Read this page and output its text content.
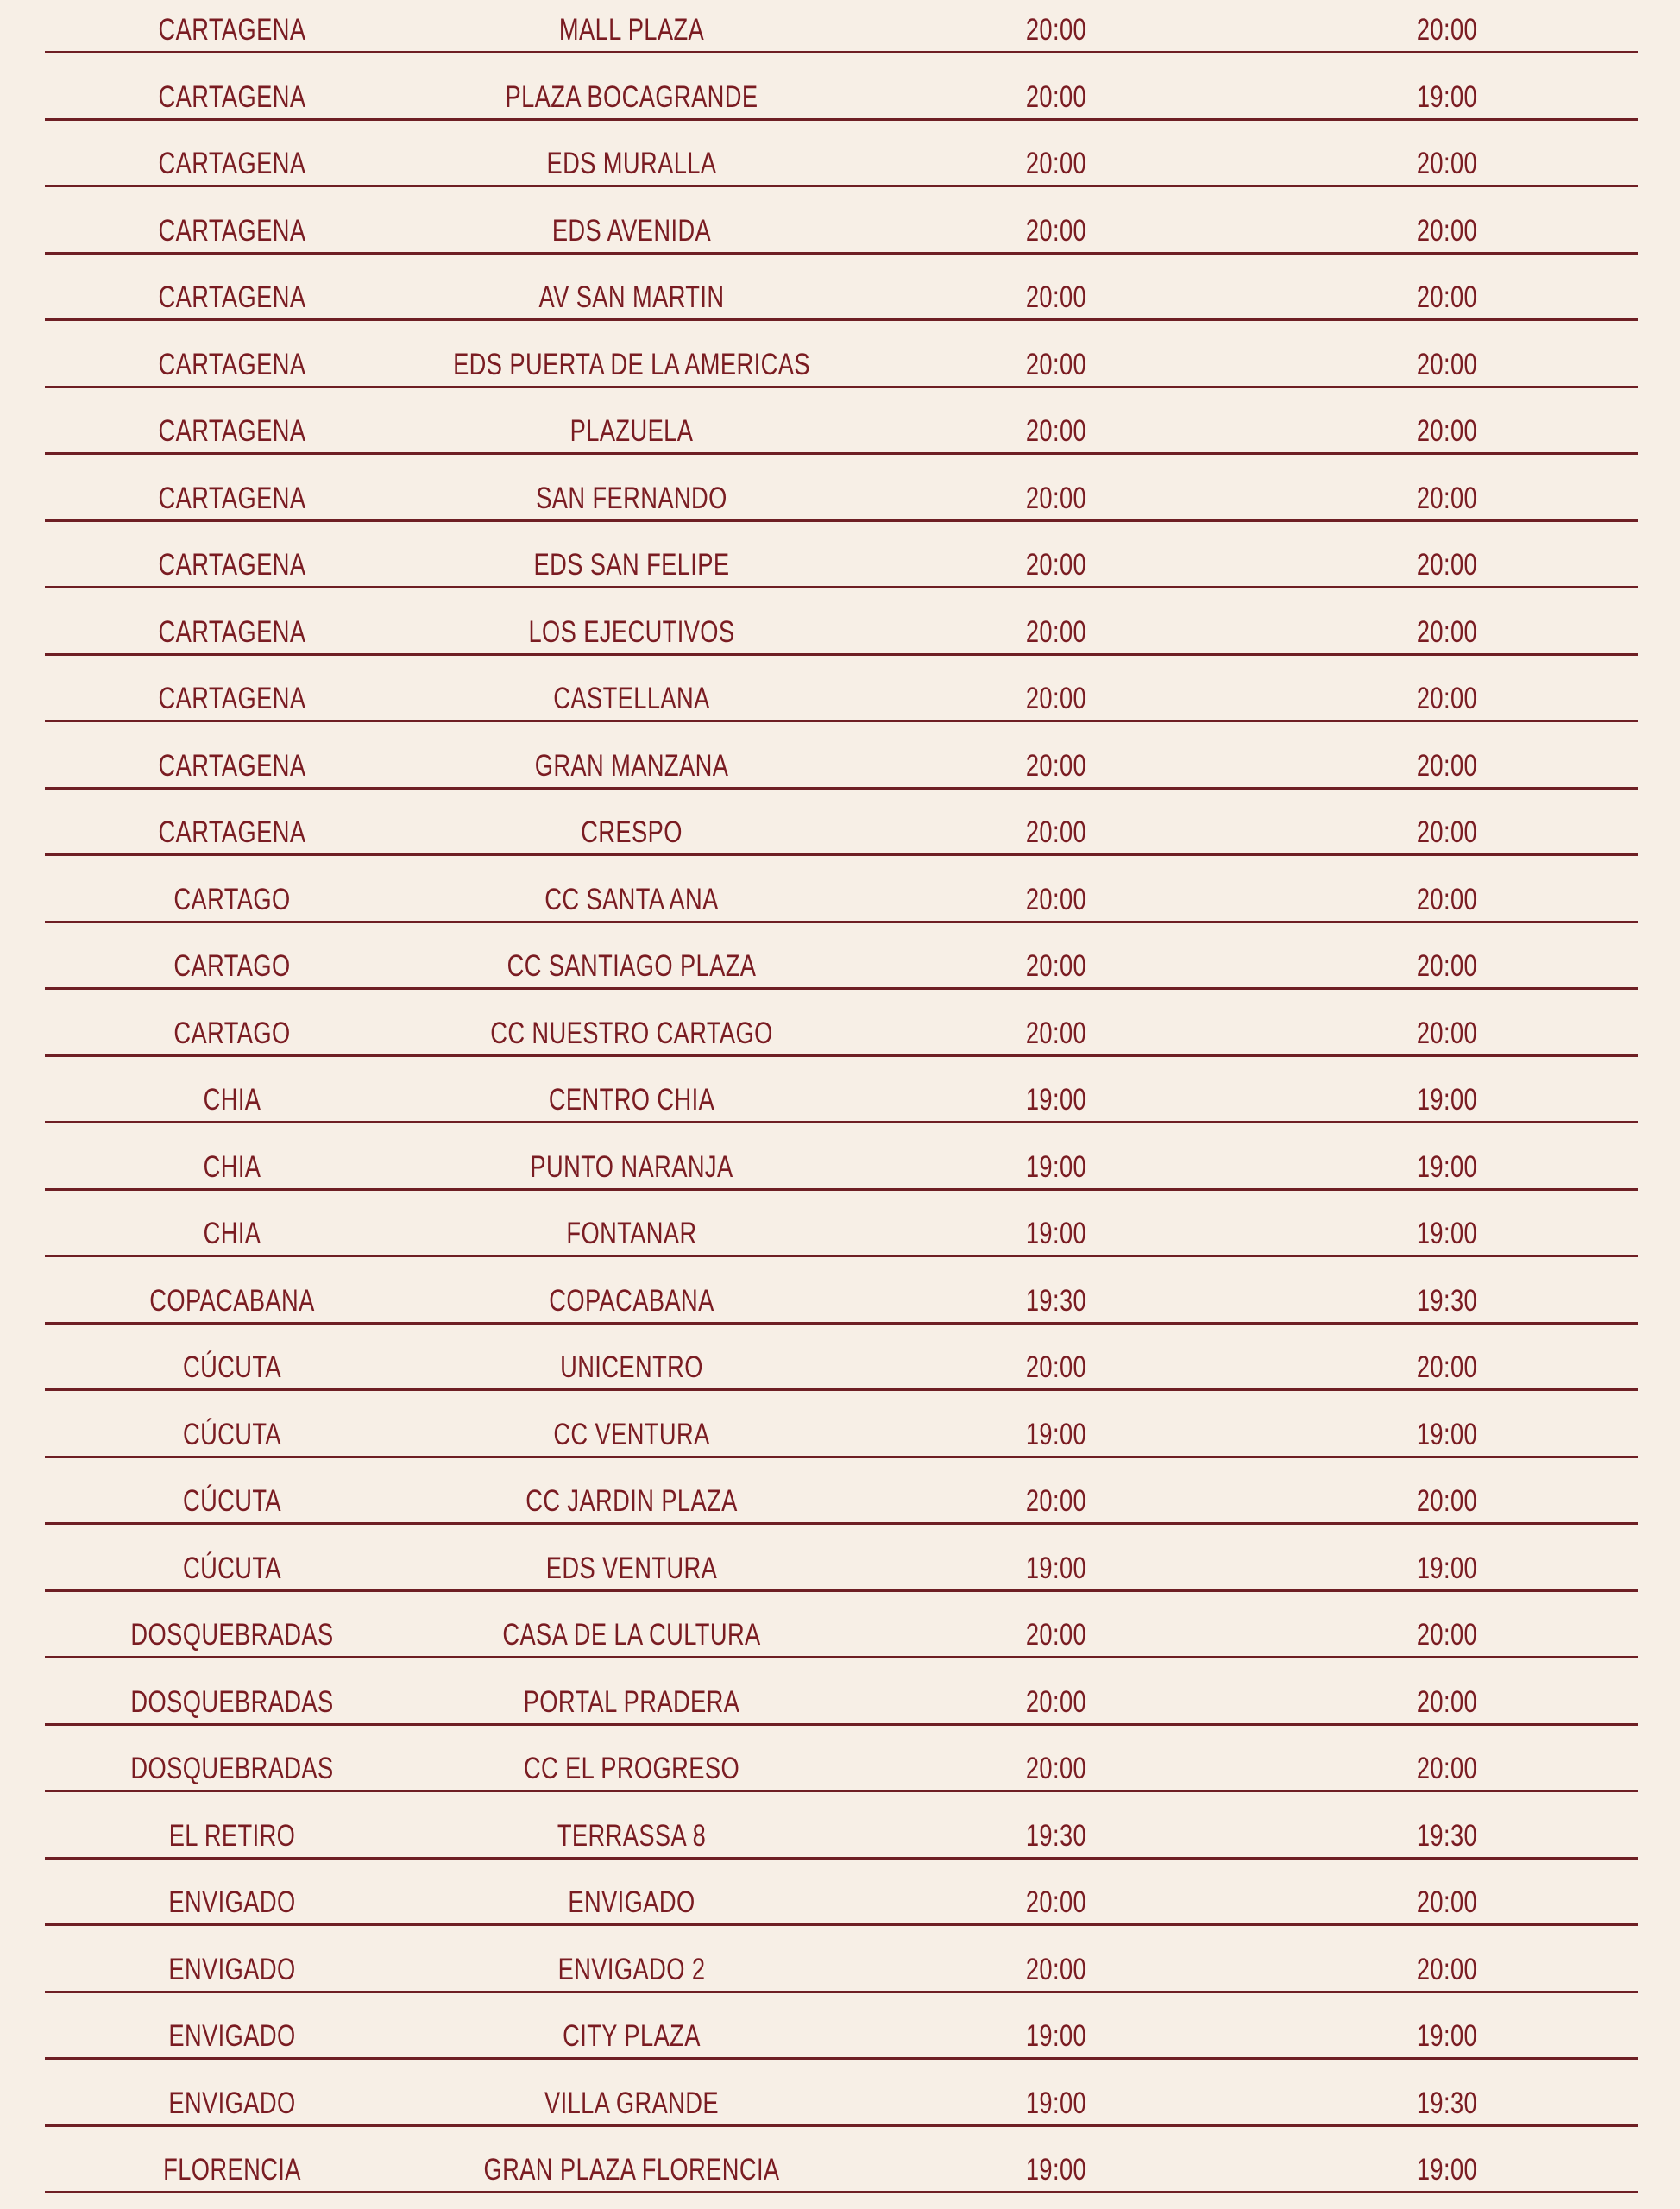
CARTAGENA	MALL PLAZA	20:00	20:00
CARTAGENA	PLAZA BOCAGRANDE	20:00	19:00
CARTAGENA	EDS MURALLA	20:00	20:00
CARTAGENA	EDS AVENIDA	20:00	20:00
CARTAGENA	AV SAN MARTIN	20:00	20:00
CARTAGENA	EDS PUERTA DE LA AMERICAS	20:00	20:00
CARTAGENA	PLAZUELA	20:00	20:00
CARTAGENA	SAN FERNANDO	20:00	20:00
CARTAGENA	EDS SAN FELIPE	20:00	20:00
CARTAGENA	LOS EJECUTIVOS	20:00	20:00
CARTAGENA	CASTELLANA	20:00	20:00
CARTAGENA	GRAN MANZANA	20:00	20:00
CARTAGENA	CRESPO	20:00	20:00
CARTAGO	CC SANTA ANA	20:00	20:00
CARTAGO	CC SANTIAGO PLAZA	20:00	20:00
CARTAGO	CC NUESTRO CARTAGO	20:00	20:00
CHIA	CENTRO CHIA	19:00	19:00
CHIA	PUNTO NARANJA	19:00	19:00
CHIA	FONTANAR	19:00	19:00
COPACABANA	COPACABANA	19:30	19:30
CÚCUTA	UNICENTRO	20:00	20:00
CÚCUTA	CC VENTURA	19:00	19:00
CÚCUTA	CC JARDIN PLAZA	20:00	20:00
CÚCUTA	EDS VENTURA	19:00	19:00
DOSQUEBRADAS	CASA DE LA CULTURA	20:00	20:00
DOSQUEBRADAS	PORTAL PRADERA	20:00	20:00
DOSQUEBRADAS	CC EL PROGRESO	20:00	20:00
EL RETIRO	TERRASSA 8	19:30	19:30
ENVIGADO	ENVIGADO	20:00	20:00
ENVIGADO	ENVIGADO 2	20:00	20:00
ENVIGADO	CITY PLAZA	19:00	19:00
ENVIGADO	VILLA GRANDE	19:00	19:30
FLORENCIA	GRAN PLAZA FLORENCIA	19:00	19:00
